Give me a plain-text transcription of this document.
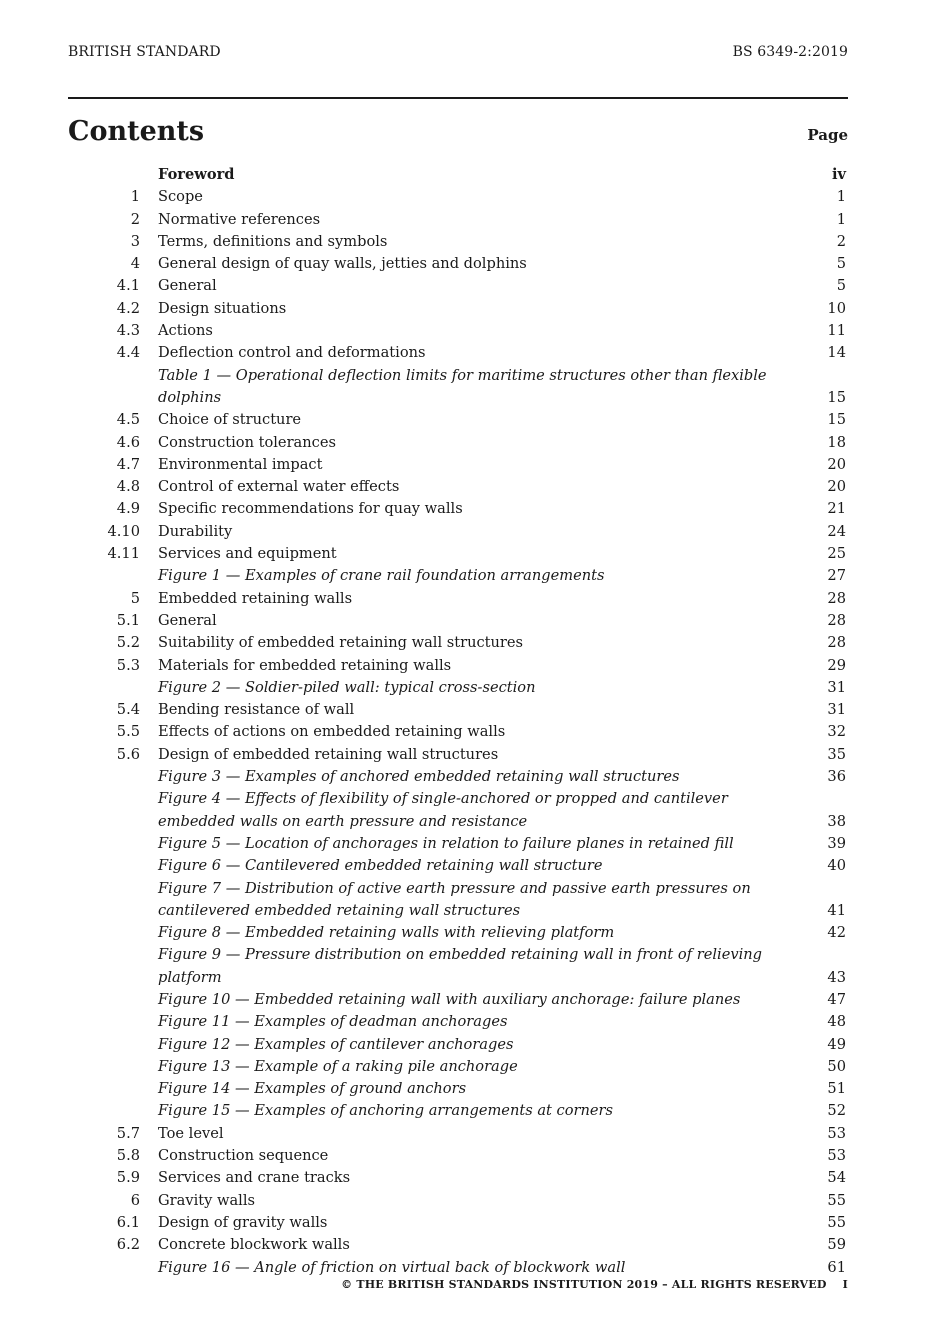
BRITISH STANDARD	BS 6349-2:2019
Contents	Page
Foreword	iv
1 Scope	1
2 Normative references	1
3 Terms, definitions and symbols	2
4 General design of quay walls, jetties and dolphins	5
4.1 General	5
4.2 Design situations	10
4.3 Actions	11
4.4 Deflection control and deformations	14
Table 1 — Operational deflection limits for maritime structures other than flexible dolphins	15
4.5 Choice of structure	15
4.6 Construction tolerances	18
4.7 Environmental impact	20
4.8 Control of external water effects	20
4.9 Specific recommendations for quay walls	21
4.10 Durability	24
4.11 Services and equipment	25
Figure 1 — Examples of crane rail foundation arrangements	27
5 Embedded retaining walls	28
5.1 General	28
5.2 Suitability of embedded retaining wall structures	28
5.3 Materials for embedded retaining walls	29
Figure 2 — Soldier-piled wall: typical cross-section	31
5.4 Bending resistance of wall	31
5.5 Effects of actions on embedded retaining walls	32
5.6 Design of embedded retaining wall structures	35
Figure 3 — Examples of anchored embedded retaining wall structures	36
Figure 4 — Effects of flexibility of single-anchored or propped and cantilever embedded walls on earth pressure and resistance	38
Figure 5 — Location of anchorages in relation to failure planes in retained fill	39
Figure 6 — Cantilevered embedded retaining wall structure	40
Figure 7 — Distribution of active earth pressure and passive earth pressures on cantilevered embedded retaining wall structures	41
Figure 8 — Embedded retaining walls with relieving platform	42
Figure 9 — Pressure distribution on embedded retaining wall in front of relieving platform	43
Figure 10 — Embedded retaining wall with auxiliary anchorage: failure planes	47
Figure 11 — Examples of deadman anchorages	48
Figure 12 — Examples of cantilever anchorages	49
Figure 13 — Example of a raking pile anchorage	50
Figure 14 — Examples of ground anchors	51
Figure 15 — Examples of anchoring arrangements at corners	52
5.7 Toe level	53
5.8 Construction sequence	53
5.9 Services and crane tracks	54
6 Gravity walls	55
6.1 Design of gravity walls	55
6.2 Concrete blockwork walls	59
Figure 16 — Angle of friction on virtual back of blockwork wall	61
© THE BRITISH STANDARDS INSTITUTION 2019 – ALL RIGHTS RESERVED I
